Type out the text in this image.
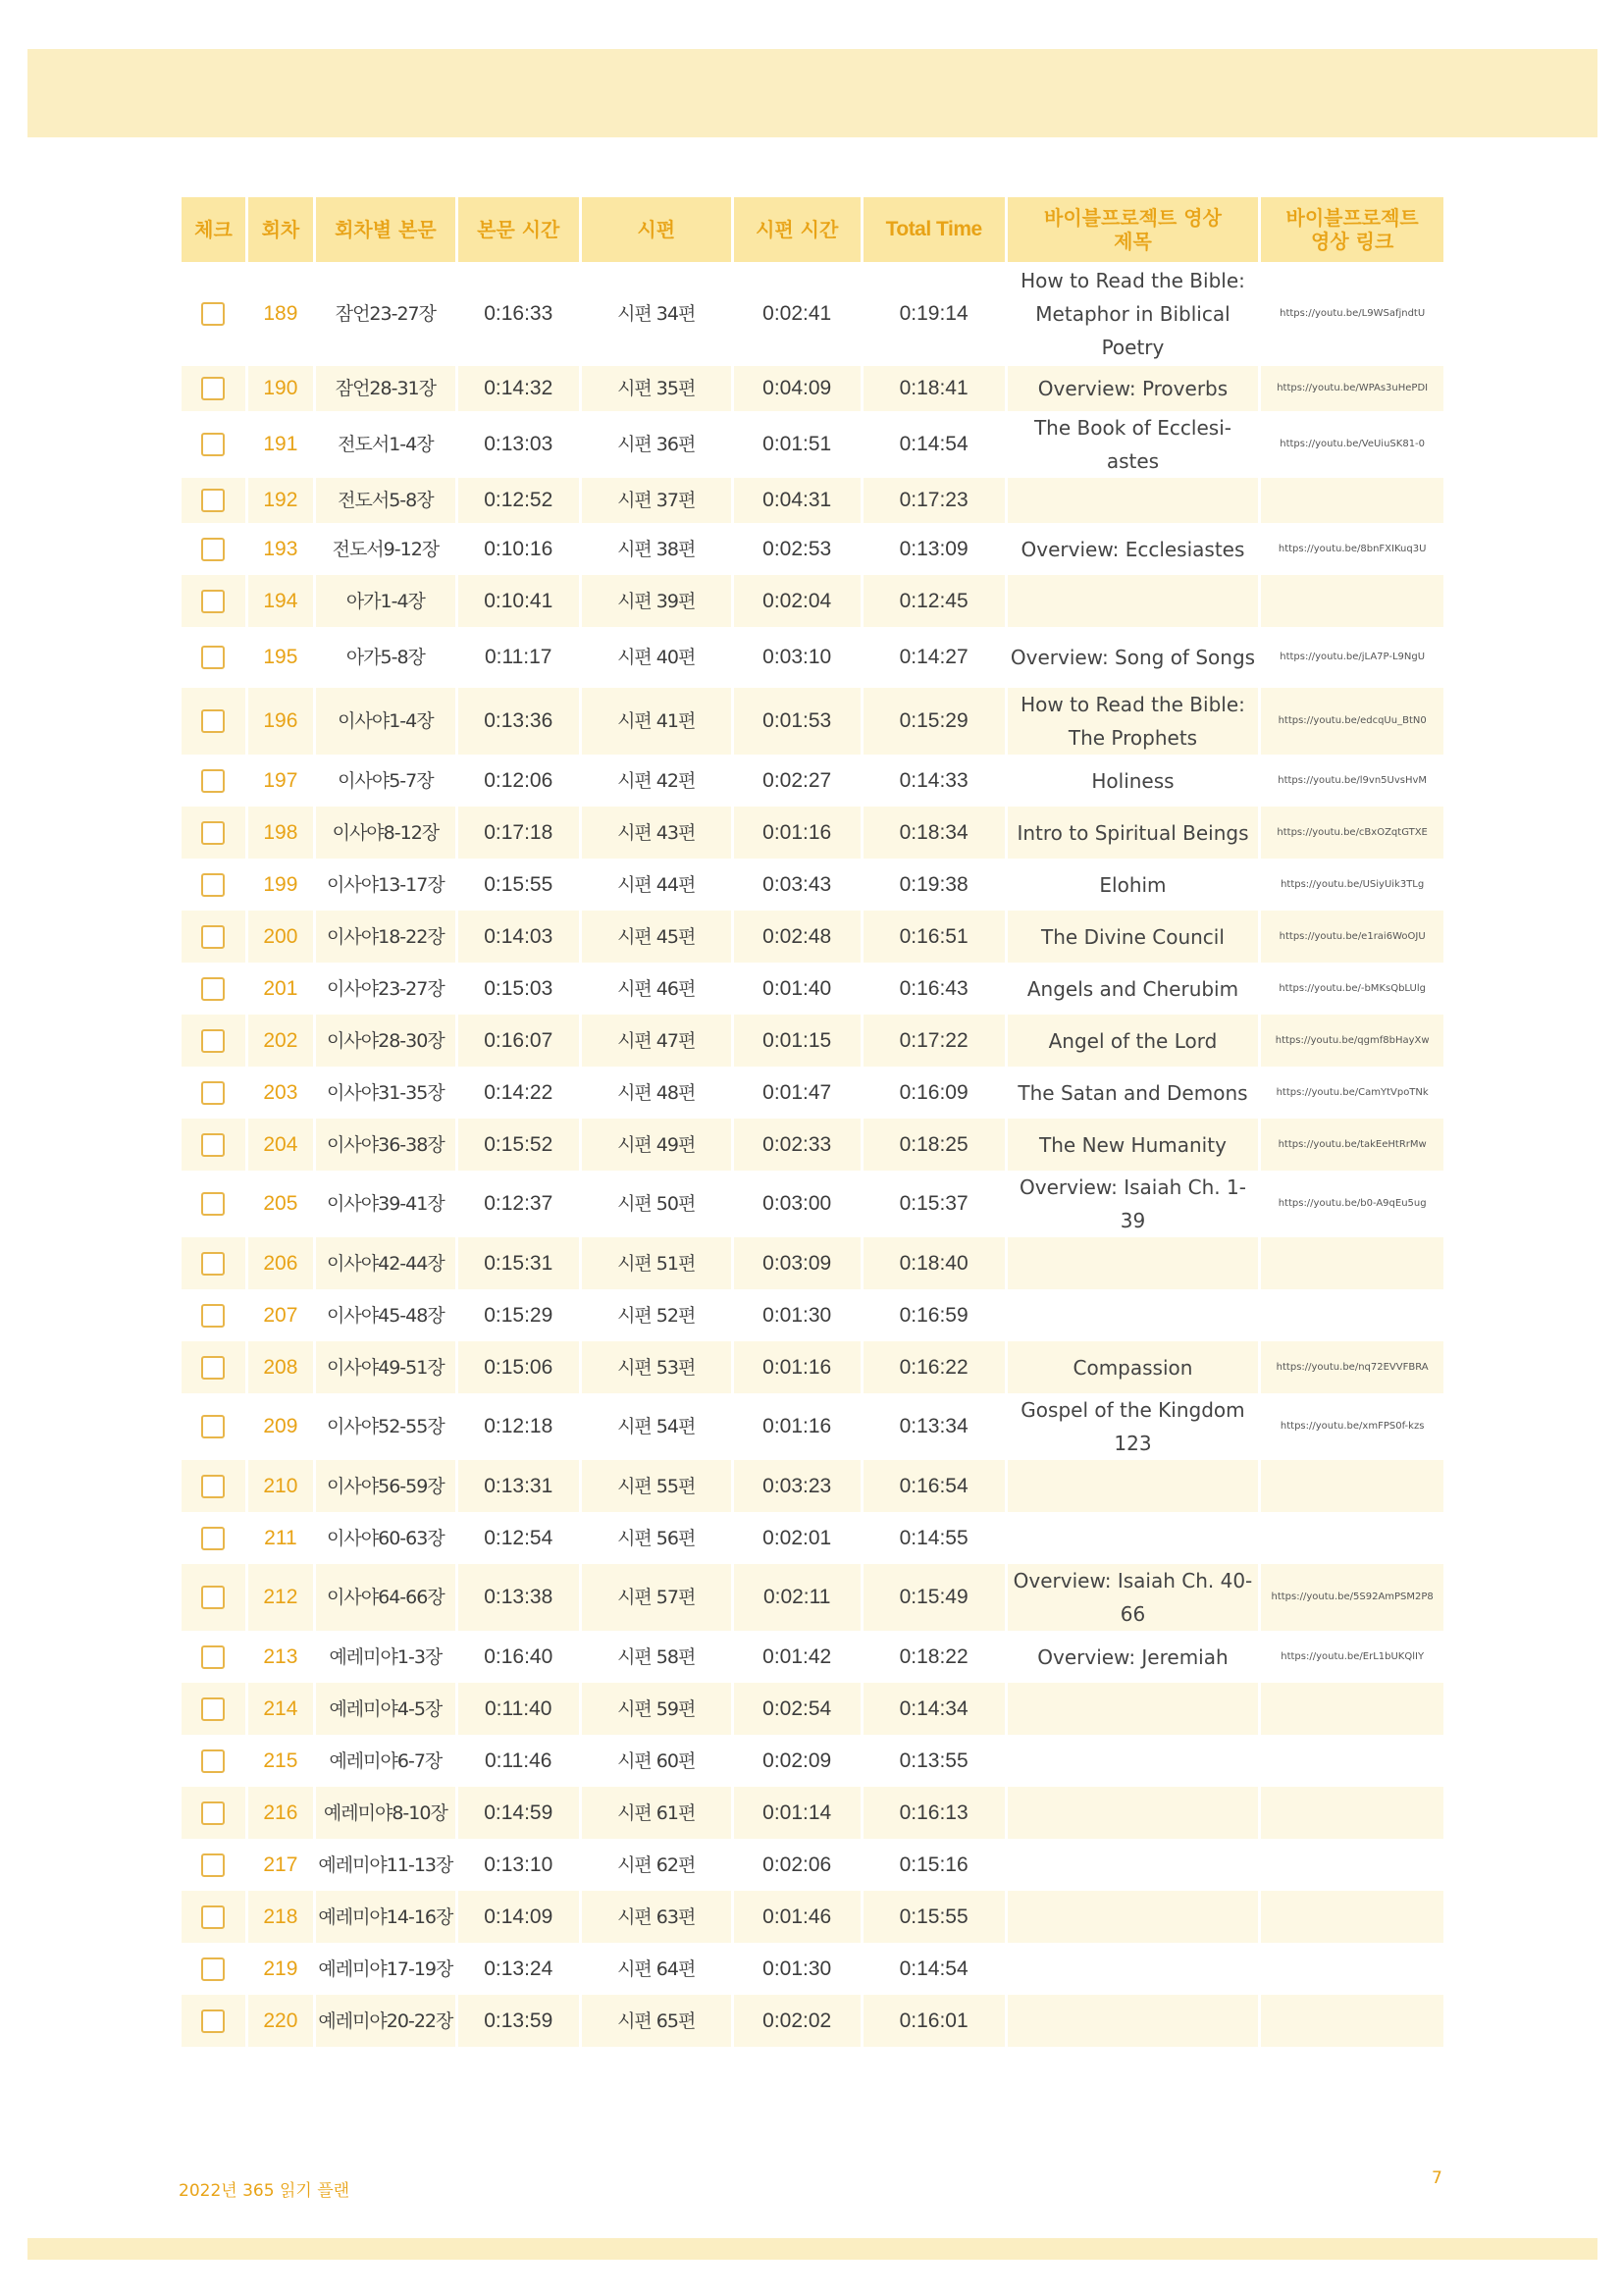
체크	회차	회차별 본문	본문 시간	시편	시편 시간	Total Time	바이블프로젝트 영상 제목	바이블프로젝트 영상 링크
	189	잠언23-27장	0:16:33	시편 34편	0:02:41	0:19:14	How to Read the Bible: Metaphor in Biblical Poetry	https://youtu.be/L9WSafjndtU
	190	잠언28-31장	0:14:32	시편 35편	0:04:09	0:18:41	Overview: Proverbs	https://youtu.be/WPAs3uHePDI
	191	전도서1-4장	0:13:03	시편 36편	0:01:51	0:14:54	The Book of Ecclesi-astes	https://youtu.be/VeUiuSK81-0
	192	전도서5-8장	0:12:52	시편 37편	0:04:31	0:17:23		
	193	전도서9-12장	0:10:16	시편 38편	0:02:53	0:13:09	Overview: Ecclesiastes	https://youtu.be/8bnFXIKuq3U
	194	아가1-4장	0:10:41	시편 39편	0:02:04	0:12:45		
	195	아가5-8장	0:11:17	시편 40편	0:03:10	0:14:27	Overview: Song of Songs	https://youtu.be/jLA7P-L9NgU
	196	이사야1-4장	0:13:36	시편 41편	0:01:53	0:15:29	How to Read the Bible: The Prophets	https://youtu.be/edcqUu_BtN0
	197	이사야5-7장	0:12:06	시편 42편	0:02:27	0:14:33	Holiness	https://youtu.be/l9vn5UvsHvM
	198	이사야8-12장	0:17:18	시편 43편	0:01:16	0:18:34	Intro to Spiritual Beings	https://youtu.be/cBxOZqtGTXE
	199	이사야13-17장	0:15:55	시편 44편	0:03:43	0:19:38	Elohim	https://youtu.be/USiyUik3TLg
	200	이사야18-22장	0:14:03	시편 45편	0:02:48	0:16:51	The Divine Council	https://youtu.be/e1rai6WoOJU
	201	이사야23-27장	0:15:03	시편 46편	0:01:40	0:16:43	Angels and Cherubim	https://youtu.be/-bMKsQbLUlg
	202	이사야28-30장	0:16:07	시편 47편	0:01:15	0:17:22	Angel of the Lord	https://youtu.be/qgmf8bHayXw
	203	이사야31-35장	0:14:22	시편 48편	0:01:47	0:16:09	The Satan and Demons	https://youtu.be/CamYtVpoTNk
	204	이사야36-38장	0:15:52	시편 49편	0:02:33	0:18:25	The New Humanity	https://youtu.be/takEeHtRrMw
	205	이사야39-41장	0:12:37	시편 50편	0:03:00	0:15:37	Overview: Isaiah Ch. 1-39	https://youtu.be/b0-A9qEu5ug
	206	이사야42-44장	0:15:31	시편 51편	0:03:09	0:18:40		
	207	이사야45-48장	0:15:29	시편 52편	0:01:30	0:16:59		
	208	이사야49-51장	0:15:06	시편 53편	0:01:16	0:16:22	Compassion	https://youtu.be/nq72EVVFBRA
	209	이사야52-55장	0:12:18	시편 54편	0:01:16	0:13:34	Gospel of the Kingdom 123	https://youtu.be/xmFPS0f-kzs
	210	이사야56-59장	0:13:31	시편 55편	0:03:23	0:16:54		
	211	이사야60-63장	0:12:54	시편 56편	0:02:01	0:14:55		
	212	이사야64-66장	0:13:38	시편 57편	0:02:11	0:15:49	Overview: Isaiah Ch. 40-66	https://youtu.be/5S92AmPSM2P8
	213	예레미야1-3장	0:16:40	시편 58편	0:01:42	0:18:22	Overview: Jeremiah	https://youtu.be/ErL1bUKQlIY
	214	예레미야4-5장	0:11:40	시편 59편	0:02:54	0:14:34		
	215	예레미야6-7장	0:11:46	시편 60편	0:02:09	0:13:55		
	216	예레미야8-10장	0:14:59	시편 61편	0:01:14	0:16:13		
	217	예레미야11-13장	0:13:10	시편 62편	0:02:06	0:15:16		
	218	예레미야14-16장	0:14:09	시편 63편	0:01:46	0:15:55		
	219	예레미야17-19장	0:13:24	시편 64편	0:01:30	0:14:54		
	220	예레미야20-22장	0:13:59	시편 65편	0:02:02	0:16:01		
2022년 365 읽기 플랜
7
